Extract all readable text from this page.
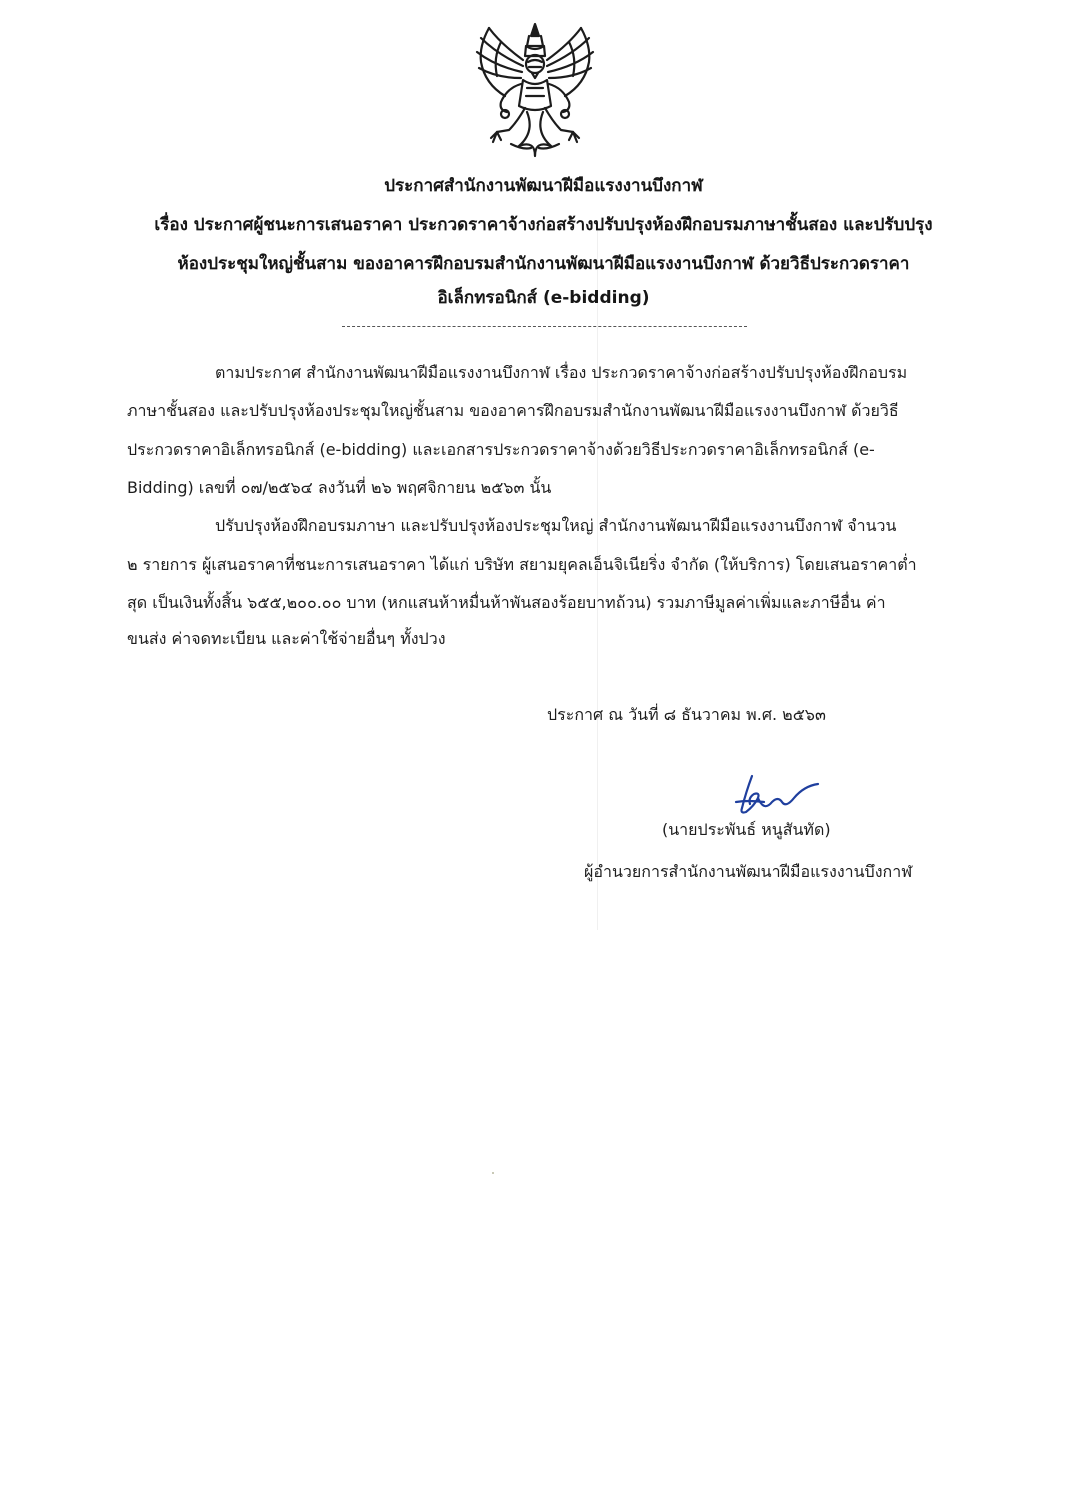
ประกาศสำนักงานพัฒนาฝีมือแรงงานบึงกาฬ
เรื่อง ประกาศผู้ชนะการเสนอราคา ประกวดราคาจ้างก่อสร้างปรับปรุงห้องฝึกอบรมภาษาชั้นสอง และปรับปรุง
ห้องประชุมใหญ่ชั้นสาม ของอาคารฝึกอบรมสำนักงานพัฒนาฝีมือแรงงานบึงกาฬ ด้วยวิธีประกวดราคา
อิเล็กทรอนิกส์ (e-bidding)
ตามประกาศ สำนักงานพัฒนาฝีมือแรงงานบึงกาฬ เรื่อง ประกวดราคาจ้างก่อสร้างปรับปรุงห้องฝึกอบรม
ภาษาชั้นสอง และปรับปรุงห้องประชุมใหญ่ชั้นสาม ของอาคารฝึกอบรมสำนักงานพัฒนาฝีมือแรงงานบึงกาฬ ด้วยวิธี
ประกวดราคาอิเล็กทรอนิกส์ (e-bidding) และเอกสารประกวดราคาจ้างด้วยวิธีประกวดราคาอิเล็กทรอนิกส์ (e-
Bidding) เลขที่ ๐๗/๒๕๖๔ ลงวันที่ ๒๖ พฤศจิกายน ๒๕๖๓ นั้น
ปรับปรุงห้องฝึกอบรมภาษา และปรับปรุงห้องประชุมใหญ่ สำนักงานพัฒนาฝีมือแรงงานบึงกาฬ จำนวน
๒ รายการ ผู้เสนอราคาที่ชนะการเสนอราคา ได้แก่ บริษัท สยามยุคลเอ็นจิเนียริ่ง จำกัด (ให้บริการ) โดยเสนอราคาต่ำ
สุด เป็นเงินทั้งสิ้น ๖๕๕,๒๐๐.๐๐ บาท (หกแสนห้าหมื่นห้าพันสองร้อยบาทถ้วน) รวมภาษีมูลค่าเพิ่มและภาษีอื่น ค่า
ขนส่ง ค่าจดทะเบียน และค่าใช้จ่ายอื่นๆ ทั้งปวง
ประกาศ ณ วันที่ ๘ ธันวาคม พ.ศ. ๒๕๖๓
(นายประพันธ์ หนูสันทัด)
ผู้อำนวยการสำนักงานพัฒนาฝีมือแรงงานบึงกาฬ
